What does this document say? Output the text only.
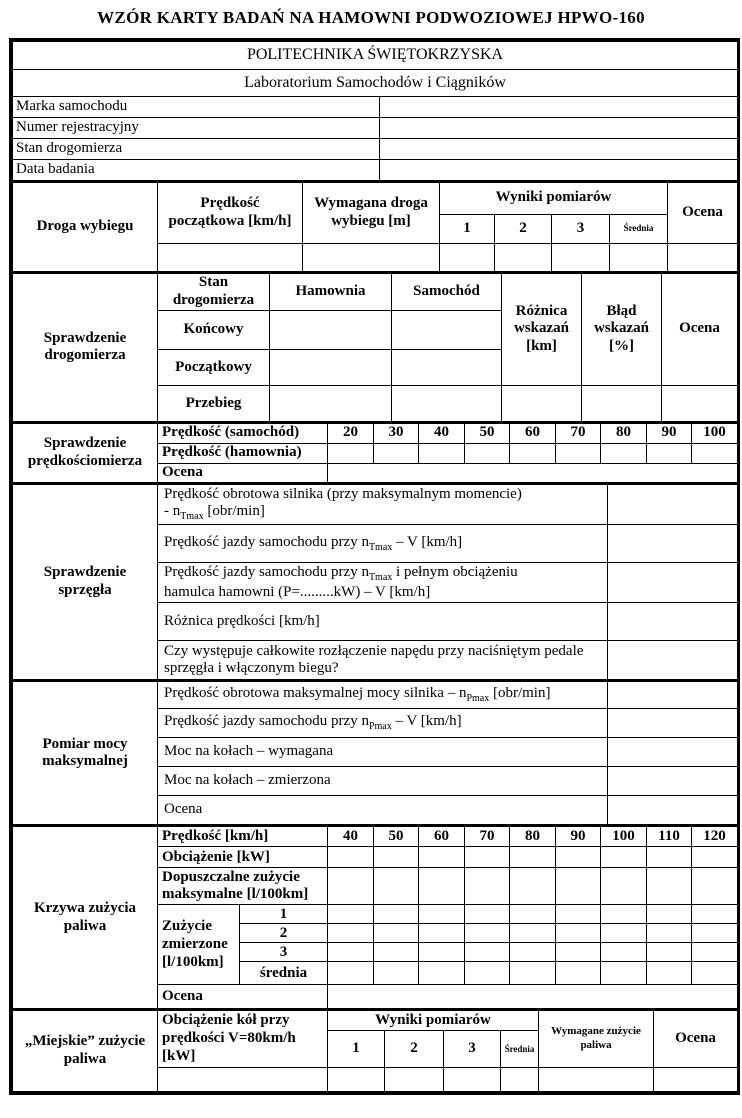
WZÓR KARTY BADAŃ NA HAMOWNI PODWOZIOWEJ HPWO-160
POLITECHNIKA ŚWIĘTOKRZYSKA	
Laboratorium Samochodów i Ciągników	
Marka samochodu	
Numer rejestracyjny	
Stan drogomierza	
Data badania	
Droga wybiegu	Prędkość początkowa [km/h]	Wymagana droga wybiegu [m]	Wyniki pomiarów				Ocena
			1	2	3	Średnia	

Sprawdzenie drogomierza	Stan drogomierza	Hamownia	Samochód	Różnica wskazań [km]	Błąd wskazań [%]	Ocena
	Końcowy					
	Początkowy					
	Przebieg					
Sprawdzenie prędkościomierza	Prędkość (samochód)	20	30	40	50	60	70	80	90	100
	Prędkość (hamownia)									
	Ocena									
Sprawdzenie sprzęgła	Prędkość obrotowa silnika (przy maksymalnym momencie)
- $n_{Tmax}$ [obr/min]	
	Prędkość jazdy samochodu przy $n_{Tmax}$ – V [km/h]	
	Prędkość jazdy samochodu przy $n_{Tmax}$ i pełnym obciążeniu
hamulca hamowni (P=.........kW) – V [km/h]	
	Różnica prędkości [km/h]	
	Czy występuje całkowite rozłączenie napędu przy naciśniętym pedale sprzęgła i włączonym biegu?	
Pomiar mocy maksymalnej	Prędkość obrotowa maksymalnej mocy silnika – $n_{Pmax}$ [obr/min]	
	Prędkość jazdy samochodu przy $n_{Pmax}$ – V [km/h]	
	Moc na kołach – wymagana	
	Moc na kołach – zmierzona	
	Ocena	
Krzywa zużycia paliwa	Prędkość [km/h]		40	50	60	70	80	90	100	110	120
	Obciążenie [kW]										
	Dopuszczalne zużycie maksymalne [l/100km]										
	Zużycie zmierzone [l/100km]	1									
		2									
		3									
		średnia									
	Ocena										
„Miejskie” zużycie paliwa	Obciążenie kół przy prędkości V=80km/h [kW]	Wyniki pomiarów				Wymagane zużycie paliwa	Ocena
		1	2	3	Średnia		
